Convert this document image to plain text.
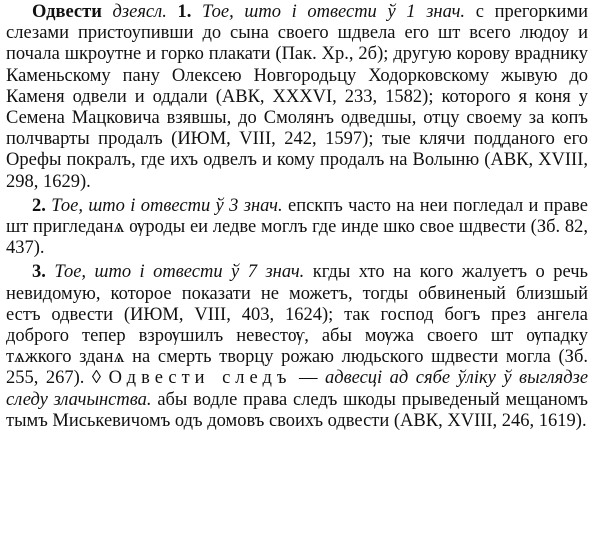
Одвести дзеясл. 1. Тое, што і отвести ў 1 знач. с прегоркими слезами пристоупивши до сына своего шдвела его шт всего людоу и почала шкроутне и горко плакати (Пак. Хр., 2б); другую корову враднику Каменьскому пану Олексею Новгородьцу Ходорковскому жывую до Каменя одвели и оддали (АВК, XXXVI, 233, 1582); которого я коня у Семена Мацковича взявшы, до Смолянъ одведшы, отцу своему за копъ полчварты продалъ (ИЮМ, VIII, 242, 1597); тые клячи подданого его Орефы покралъ, где ихъ одвелъ и кому продалъ на Волыню (АВК, XVIII, 298, 1629).

2. Тое, што і отвести ў 3 знач. епскпъ часто на неи погледал и праве шт пригледанѧ ѹроды еи ледве моглъ где инде шко свое шдвести (Зб. 82, 437).

3. Тое, што і отвести ў 7 знач. кгды хто на кого жалуетъ о речь невидомую, которое показати не можетъ, тогды обвиненый близшый естъ одвести (ИЮМ, VIII, 403, 1624); так господ богъ през ангела доброго тепер взрѹшилъ невестѹ, абы мѹжа своего шт ѹпадку тѧжкого зданѧ на смерть творцу рожаю людьского шдвести могла (Зб. 255, 267). ◊ Одвести следъ — адвесці ад сябе ўліку ў выглядзе следу злачынства. абы водле права следъ шкоды прыведеный мещаномъ тымъ Миськевичомъ одъ домовъ своихъ одвести (АВК, XVIII, 246, 1619).
